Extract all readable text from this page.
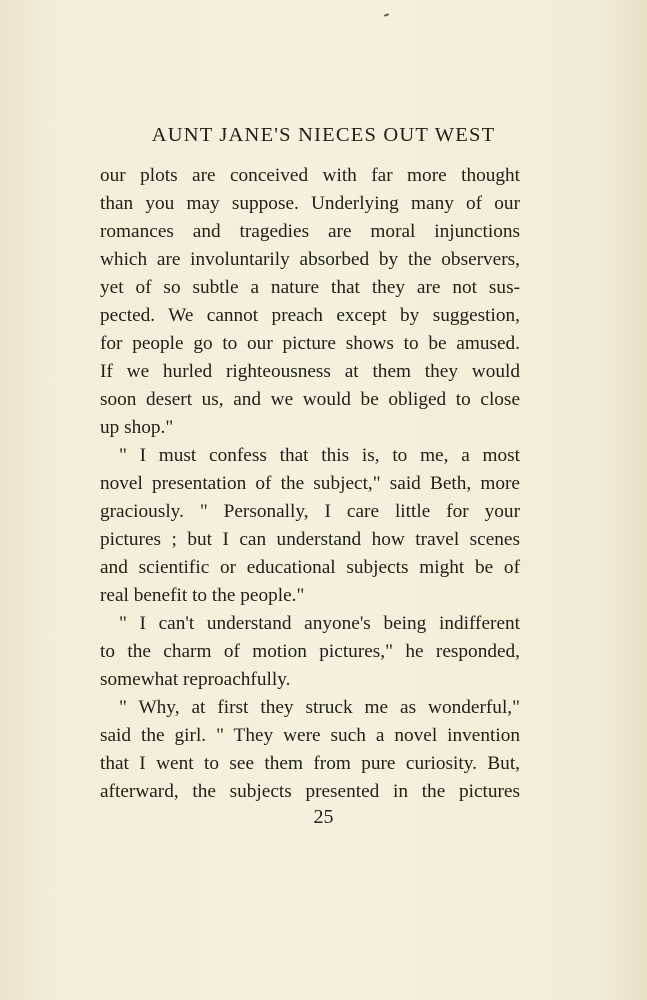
AUNT JANE'S NIECES OUT WEST
our plots are conceived with far more thought
than you may suppose. Underlying many of our
romances and tragedies are moral injunctions
which are involuntarily absorbed by the observers,
yet of so subtle a nature that they are not sus-
pected. We cannot preach except by suggestion,
for people go to our picture shows to be amused.
If we hurled righteousness at them they would
soon desert us, and we would be obliged to close
up shop."
" I must confess that this is, to me, a most
novel presentation of the subject," said Beth, more
graciously. " Personally, I care little for your
pictures ; but I can understand how travel scenes
and scientific or educational subjects might be of
real benefit to the people."
" I can't understand anyone's being indifferent
to the charm of motion pictures," he responded,
somewhat reproachfully.
" Why, at first they struck me as wonderful,"
said the girl. " They were such a novel invention
that I went to see them from pure curiosity. But,
afterward, the subjects presented in the pictures
25
